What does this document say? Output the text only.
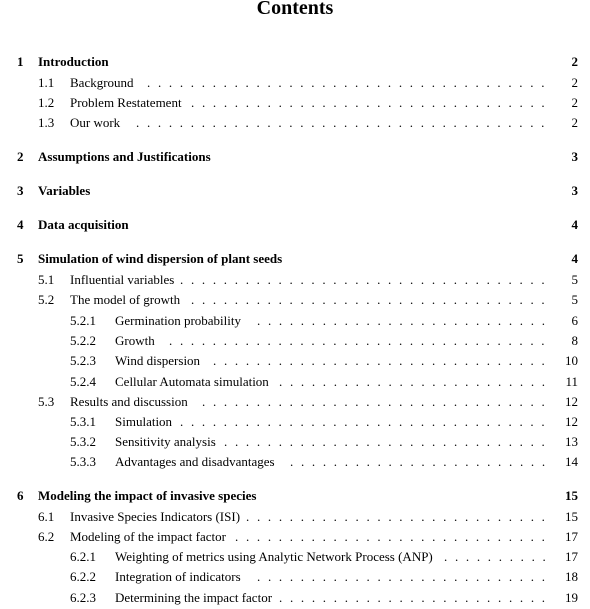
Contents
1 Introduction	2
1.1 Background	2
.....................................
1.2 Problem Restatement	2
.................................
1.3 Our work	2
......................................
2 Assumptions and Justifications	3
3 Variables	3
4 Data acquisition	4
5 Simulation of wind dispersion of plant seeds	4
5.1 Influential variables	5
..................................
5.2 The model of growth	5
.................................
5.2.1 Germination probability	6
...........................
5.2.2 Growth	8
...................................
5.2.3 Wind dispersion	10
...............................
5.2.4 Cellular Automata simulation	11
.........................
5.3 Results and discussion	12
................................
5.3.1 Simulation	12
..................................
5.3.2 Sensitivity analysis	13
..............................
5.3.3 Advantages and disadvantages	14
........................
6 Modeling the impact of invasive species	15
6.1 Invasive Species Indicators (ISI)	15
............................
6.2 Modeling of the impact factor	17
.............................
6.2.1 Weighting of metrics using Analytic Network Process (ANP)	17
..........
6.2.2 Integration of indicators	18
...........................
6.2.3 Determining the impact factor	19
.........................
